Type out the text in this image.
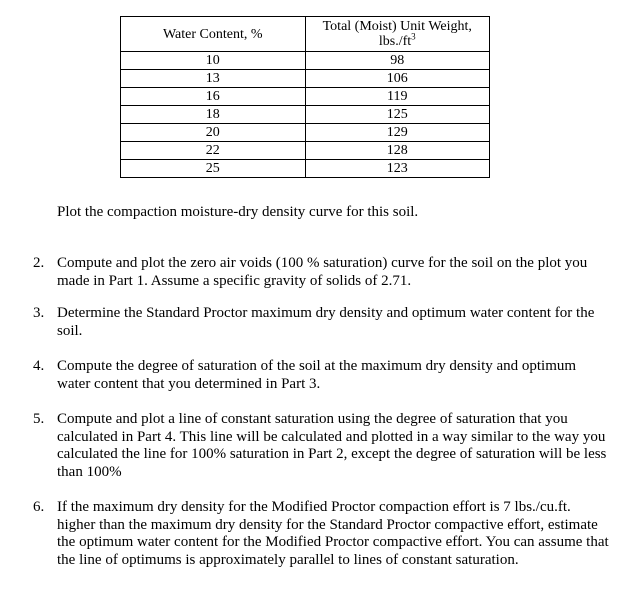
Water Content, %	Total (Moist) Unit Weight, $lbs./ft^3$
10	98
13	106
16	119
18	125
20	129
22	128
25	123

Plot the compaction moisture-dry density curve for this soil.

2. Compute and plot the zero air voids (100 % saturation) curve for the soil on the plot you made in Part 1. Assume a specific gravity of solids of 2.71.

3. Determine the Standard Proctor maximum dry density and optimum water content for the soil.

4. Compute the degree of saturation of the soil at the maximum dry density and optimum water content that you determined in Part 3.

5. Compute and plot a line of constant saturation using the degree of saturation that you calculated in Part 4. This line will be calculated and plotted in a way similar to the way you calculated the line for 100% saturation in Part 2, except the degree of saturation will be less than 100%

6. If the maximum dry density for the Modified Proctor compaction effort is 7 lbs./cu.ft. higher than the maximum dry density for the Standard Proctor compactive effort, estimate the optimum water content for the Modified Proctor compactive effort. You can assume that the line of optimums is approximately parallel to lines of constant saturation.
